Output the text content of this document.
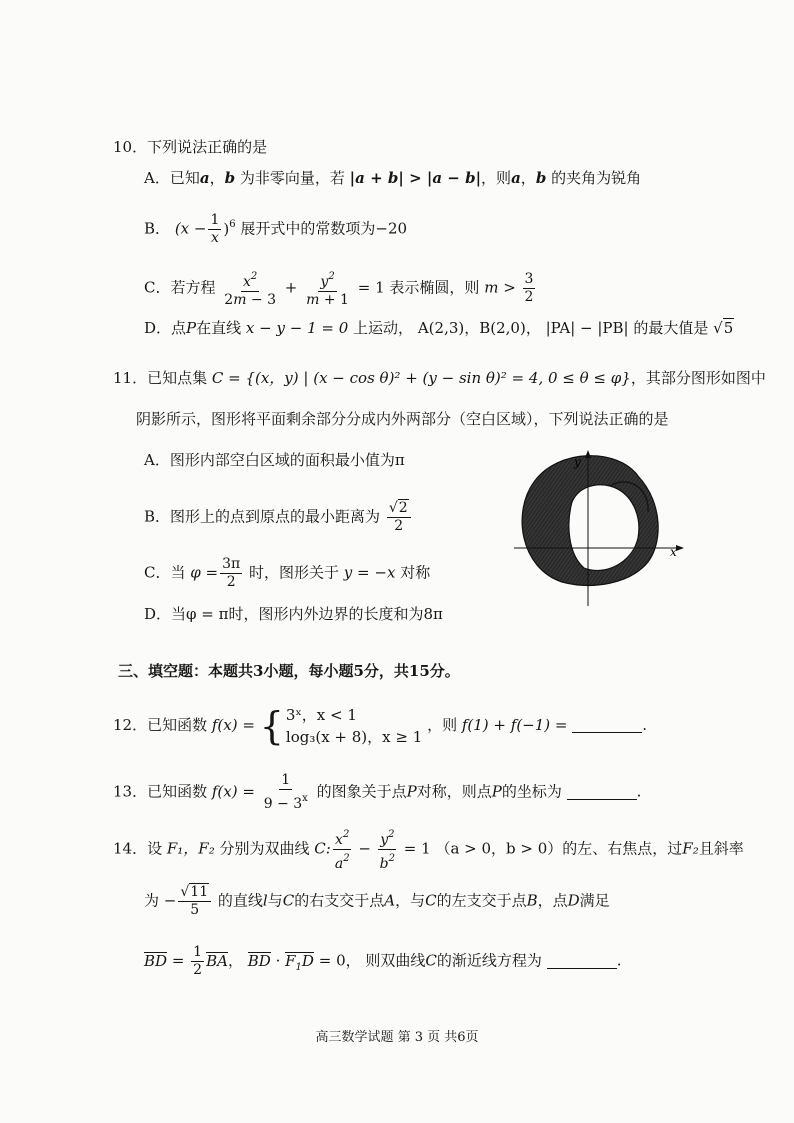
10．下列说法正确的是
A．已知a，b 为非零向量，若 |a + b| > |a − b|，则a，b 的夹角为锐角
B． $(x - \frac{1}{x} )^6$ 展开式中的常数项为−20
C．若方程 $\frac{x^2}{2m - 3} + \frac{y^2}{m + 1} = 1$ 表示椭圆，则 $m > \frac{3}{2}$
D．点P在直线 x − y − 1 = 0 上运动， A(2,3)，B(2,0)， |PA| − |PB| 的最大值是 √5
11．已知点集 C = {(x，y) | (x − cos θ)² + (y − sin θ)² = 4, 0 ≤ θ ≤ φ}，其部分图形如图中
阴影所示，图形将平面剩余部分分成内外两部分（空白区域），下列说法正确的是
A．图形内部空白区域的面积最小值为π
B．图形上的点到原点的最小距离为 $\frac{√2}{2}$
C．当 $\varphi = \frac{3\pi}{2}$ 时，图形关于 y = −x 对称
D．当φ = π时，图形内外边界的长度和为8π
x
y
三、填空题：本题共3小题，每小题5分，共15分。
12．已知函数 f(x) = { 3ˣ，x < 1
log₃(x + 8)，x ≥ 1
，则 f(1) + f(−1) =	.
13．已知函数 $f(x) = \frac{1}{9 - 3^x}$ 的图象关于点P对称，则点P的坐标为	.
14．设 F₁，F₂ 分别为双曲线 C: $\frac{x^2}{a^2} - \frac{y^2}{b^2} = 1$ （a > 0，b > 0）的左、右焦点，过F₂且斜率
为 − $\frac{√11}{5}$ 的直线l与C的右支交于点A，与C的左支交于点B，点D满足
BD = $\frac{1}{2}$ BA， BD · $F_1D = 0$， 则双曲线C的渐近线方程为	.
高三数学试题 第 3 页 共6页
